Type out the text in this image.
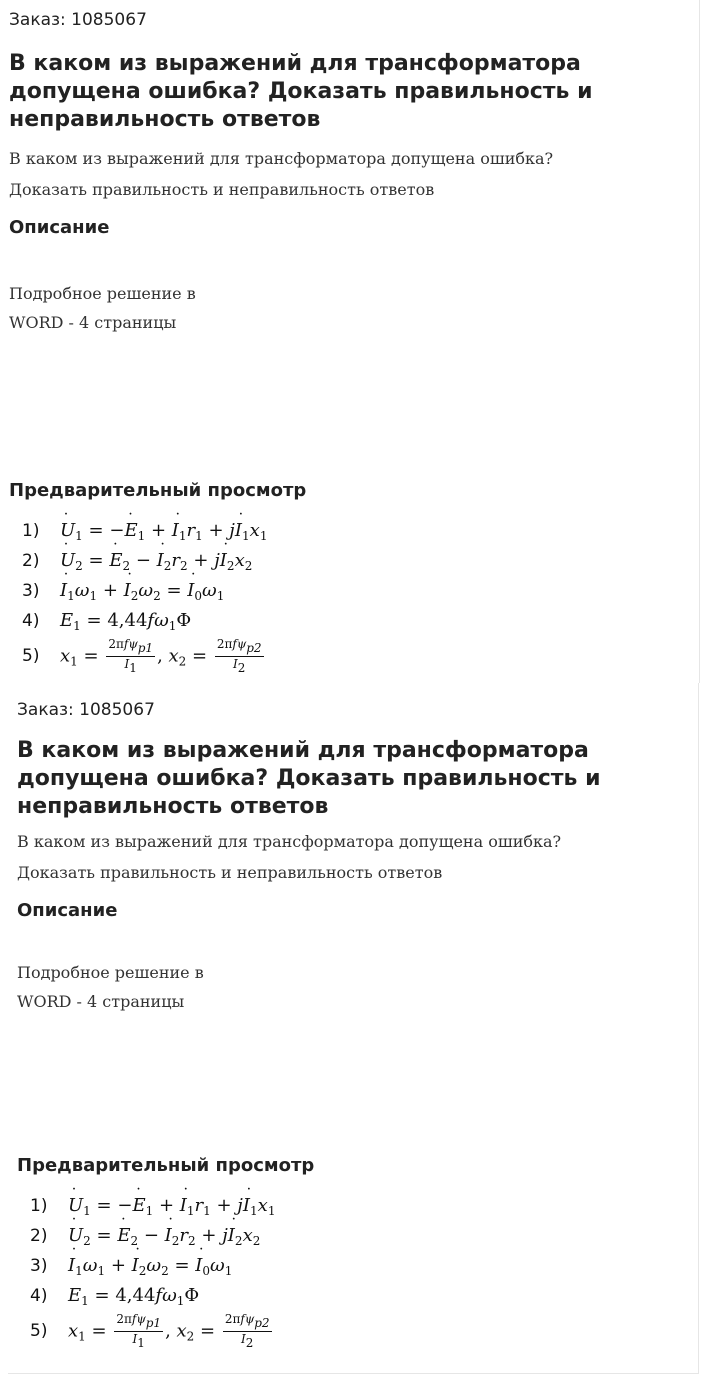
Заказ: 1085067
В каком из выражений для трансформатора допущена ошибка? Доказать правильность и неправильность ответов
В каком из выражений для трансформатора допущена ошибка?
Доказать правильность и неправильность ответов
Описание
Подробное решение в
WORD - 4 страницы
Предварительный просмотр
1)	˙ $U_1$ = −˙ $E_1$ + ˙ $I_1r_1$ + j˙ $I_1x_1$
2)	˙ $U_2$ = ˙ $E_2$ − ˙ $I_2r_2$ + j˙ $I_2x_2$
3)	˙ $I_1\omega_1$ + ˙ $I_2\omega_2$ = ˙ $I_0\omega_1$
4)	$E_1 = 4,44f\omega_1\Phi$
5)	$x_1 = \frac{2\pi f\psi_{p1}}{I_1}$ , $x_2 = \frac{2\pi f\psi_{p2}}{I_2}$
Заказ: 1085067
В каком из выражений для трансформатора допущена ошибка? Доказать правильность и неправильность ответов
В каком из выражений для трансформатора допущена ошибка?
Доказать правильность и неправильность ответов
Описание
Подробное решение в
WORD - 4 страницы
Предварительный просмотр
1)	˙ $U_1$ = −˙ $E_1$ + ˙ $I_1r_1$ + j˙ $I_1x_1$
2)	˙ $U_2$ = ˙ $E_2$ − ˙ $I_2r_2$ + j˙ $I_2x_2$
3)	˙ $I_1\omega_1$ + ˙ $I_2\omega_2$ = ˙ $I_0\omega_1$
4)	$E_1 = 4,44f\omega_1\Phi$
5)	$x_1 = \frac{2\pi f\psi_{p1}}{I_1}$ , $x_2 = \frac{2\pi f\psi_{p2}}{I_2}$
